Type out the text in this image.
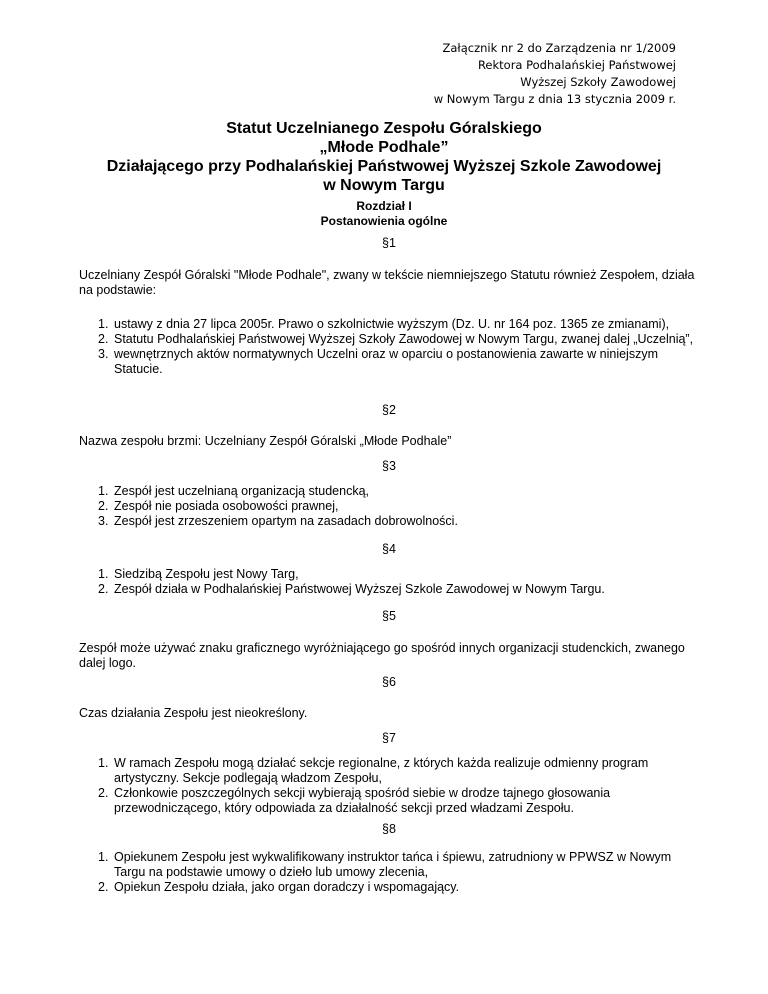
Załącznik nr 2 do Zarządzenia nr 1/2009
Rektora Podhalańskiej Państwowej
Wyższej Szkoły Zawodowej
w Nowym Targu z dnia 13 stycznia 2009 r.
Statut Uczelnianego Zespołu Góralskiego
„Młode Podhale”
Działającego przy Podhalańskiej Państwowej Wyższej Szkole Zawodowej
w Nowym Targu
Rozdział I
Postanowienia ogólne
§1
Uczelniany Zespół Góralski "Młode Podhale", zwany w tekście niemniejszego Statutu również Zespołem, działa na podstawie:
1. ustawy z dnia 27 lipca 2005r. Prawo o szkolnictwie wyższym (Dz. U. nr 164 poz. 1365 ze zmianami),
2. Statutu Podhalańskiej Państwowej Wyższej Szkoły Zawodowej w Nowym Targu, zwanej dalej „Uczelnią”,
3. wewnętrznych aktów normatywnych Uczelni oraz w oparciu o postanowienia zawarte w niniejszym Statucie.
§2
Nazwa zespołu brzmi: Uczelniany Zespół Góralski „Młode Podhale”
§3
1. Zespół jest uczelnianą organizacją studencką,
2. Zespół nie posiada osobowości prawnej,
3. Zespół jest zrzeszeniem opartym na zasadach dobrowolności.
§4
1. Siedzibą Zespołu jest Nowy Targ,
2. Zespół działa w Podhalańskiej Państwowej Wyższej Szkole Zawodowej w Nowym Targu.
§5
Zespół może używać znaku graficznego wyróżniającego go spośród innych organizacji studenckich, zwanego dalej logo.
§6
Czas działania Zespołu jest nieokreślony.
§7
1. W ramach Zespołu mogą działać sekcje regionalne, z których każda realizuje odmienny program artystyczny. Sekcje podlegają władzom Zespołu,
2. Członkowie poszczególnych sekcji wybierają spośród siebie w drodze tajnego głosowania przewodniczącego, który odpowiada za działalność sekcji przed władzami Zespołu.
§8
1. Opiekunem Zespołu jest wykwalifikowany instruktor tańca i śpiewu, zatrudniony w PPWSZ w Nowym Targu na podstawie umowy o dzieło lub umowy zlecenia,
2. Opiekun Zespołu działa, jako organ doradczy i wspomagający.
